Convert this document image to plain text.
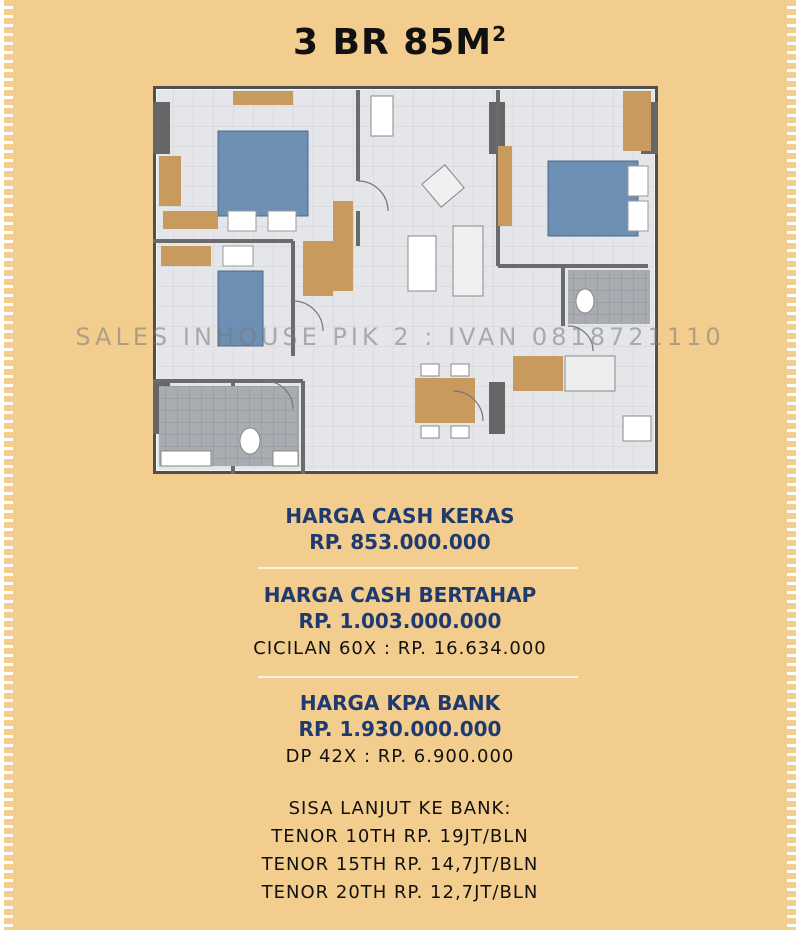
3 BR $85M^2$
SALES INHOUSE PIK 2 : IVAN 0818721110
HARGA CASH KERAS
RP. 853.000.000
HARGA CASH BERTAHAP
RP. 1.003.000.000
CICILAN 60X : RP. 16.634.000
HARGA KPA BANK
RP. 1.930.000.000
DP 42X : RP. 6.900.000
SISA LANJUT KE BANK:
TENOR 10TH RP. 19JT/BLN
TENOR 15TH RP. 14,7JT/BLN
TENOR 20TH RP. 12,7JT/BLN
